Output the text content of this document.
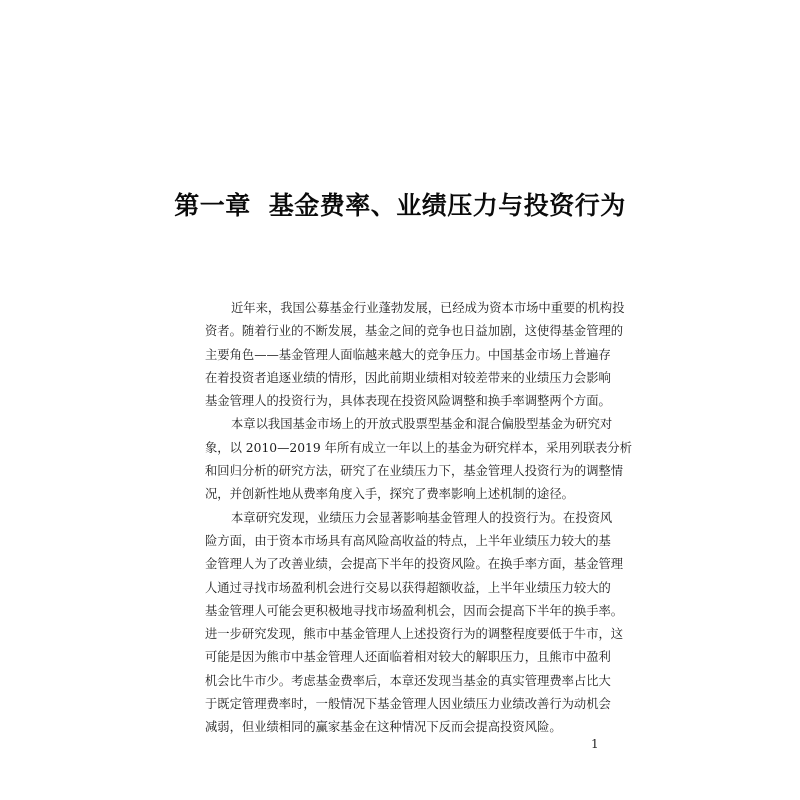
第一章 基金费率、业绩压力与投资行为
近年来，我国公募基金行业蓬勃发展，已经成为资本市场中重要的机构投
资者。随着行业的不断发展，基金之间的竞争也日益加剧，这使得基金管理的
主要角色——基金管理人面临越来越大的竞争压力。中国基金市场上普遍存
在着投资者追逐业绩的情形，因此前期业绩相对较差带来的业绩压力会影响
基金管理人的投资行为，具体表现在投资风险调整和换手率调整两个方面。
本章以我国基金市场上的开放式股票型基金和混合偏股型基金为研究对
象，以 2010—2019 年所有成立一年以上的基金为研究样本，采用列联表分析
和回归分析的研究方法，研究了在业绩压力下，基金管理人投资行为的调整情
况，并创新性地从费率角度入手，探究了费率影响上述机制的途径。
本章研究发现，业绩压力会显著影响基金管理人的投资行为。在投资风
险方面，由于资本市场具有高风险高收益的特点，上半年业绩压力较大的基
金管理人为了改善业绩，会提高下半年的投资风险。在换手率方面，基金管理
人通过寻找市场盈利机会进行交易以获得超额收益，上半年业绩压力较大的
基金管理人可能会更积极地寻找市场盈利机会，因而会提高下半年的换手率。
进一步研究发现，熊市中基金管理人上述投资行为的调整程度要低于牛市，这
可能是因为熊市中基金管理人还面临着相对较大的解职压力，且熊市中盈利
机会比牛市少。考虑基金费率后，本章还发现当基金的真实管理费率占比大
于既定管理费率时，一般情况下基金管理人因业绩压力业绩改善行为动机会
减弱，但业绩相同的赢家基金在这种情况下反而会提高投资风险。
1
